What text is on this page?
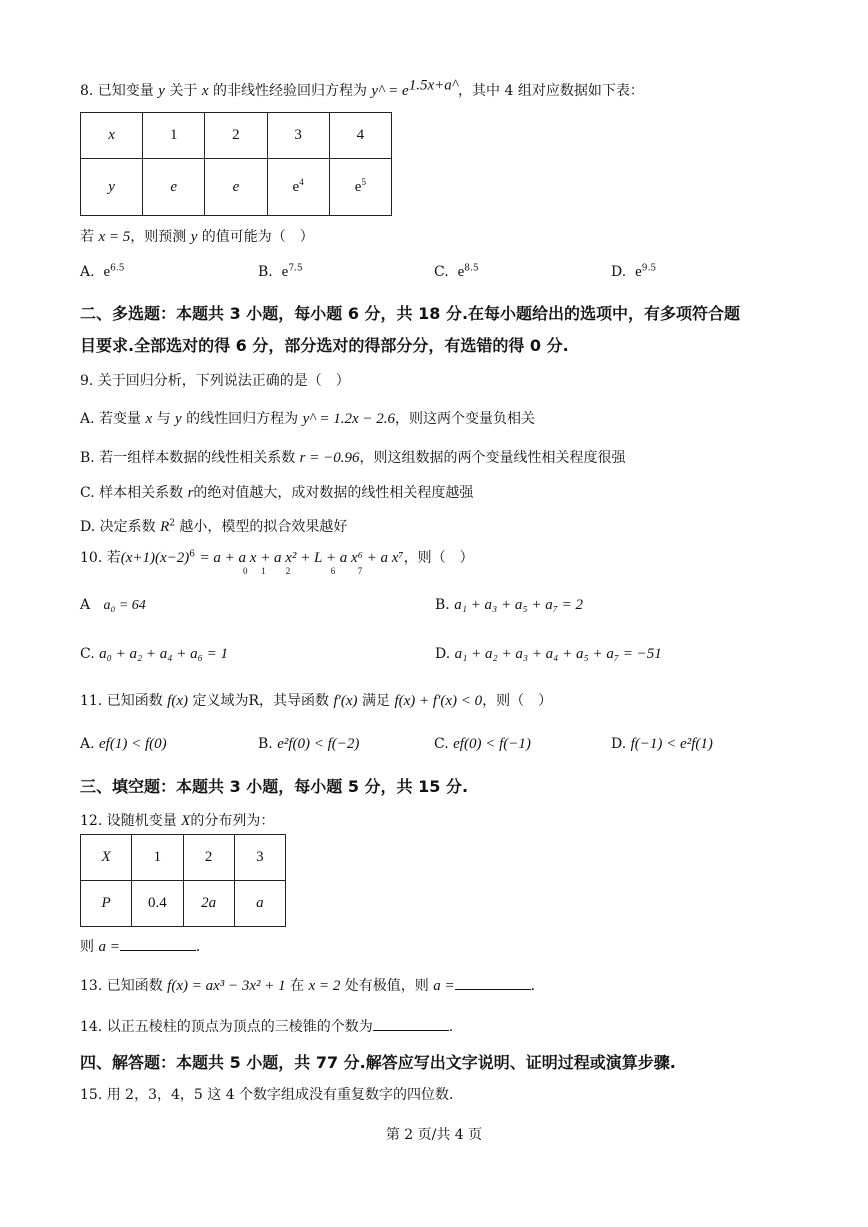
8. 已知变量 y 关于 x 的非线性经验回归方程为 y^ = $e^{1.5x+a\^{}}$，其中 4 组对应数据如下表：
x	1	2	3	4
y	e	e	$e^4$	$e^5$
若 x = 5，则预测 y 的值可能为（　）
A. $e^{6.5}$	B. $e^{7.5}$	C. $e^{8.5}$	D. $e^{9.5}$
二、多选题：本题共 3 小题，每小题 6 分，共 18 分.在每小题给出的选项中，有多项符合题
目要求.全部选对的得 6 分，部分选对的得部分分，有选错的得 0 分.
9. 关于回归分析，下列说法正确的是（　）
A. 若变量 x 与 y 的线性回归方程为 y^ = 1.2x − 2.6，则这两个变量负相关
B. 若一组样本数据的线性相关系数 r = −0.96，则这组数据的两个变量线性相关程度很强
C. 样本相关系数 r的绝对值越大，成对数据的线性相关程度越强
D. 决定系数 $R^2$ 越小，模型的拟合效果越好
10. 若$(x+1)(x-2)^6 = a + a$ x + a x² + L + a x⁶ + a x⁷，则（　）
0      1         2                  6          7
A a₀ = 64	B. a₁ + a₃ + a₅ + a₇ = 2
C. a₀ + a₂ + a₄ + a₆ = 1	D. a₁ + a₂ + a₃ + a₄ + a₅ + a₇ = −51
11. 已知函数 f(x) 定义域为R，其导函数 f′(x) 满足 f(x) + f′(x) < 0，则（　）
A. ef(1) < f(0)	B. e²f(0) < f(−2)	C. ef(0) < f(−1)	D. f(−1) < e²f(1)
三、填空题：本题共 3 小题，每小题 5 分，共 15 分.
12. 设随机变量 X的分布列为：
X	1	2	3
P	0.4	2a	a
则 a =	.
13. 已知函数 f(x) = ax³ − 3x² + 1 在 x = 2 处有极值，则 a =	.
14. 以正五棱柱的顶点为顶点的三棱锥的个数为	.
四、解答题：本题共 5 小题，共 77 分.解答应写出文字说明、证明过程或演算步骤.
15. 用 2，3，4，5 这 4 个数字组成没有重复数字的四位数.
第 2 页/共 4 页
